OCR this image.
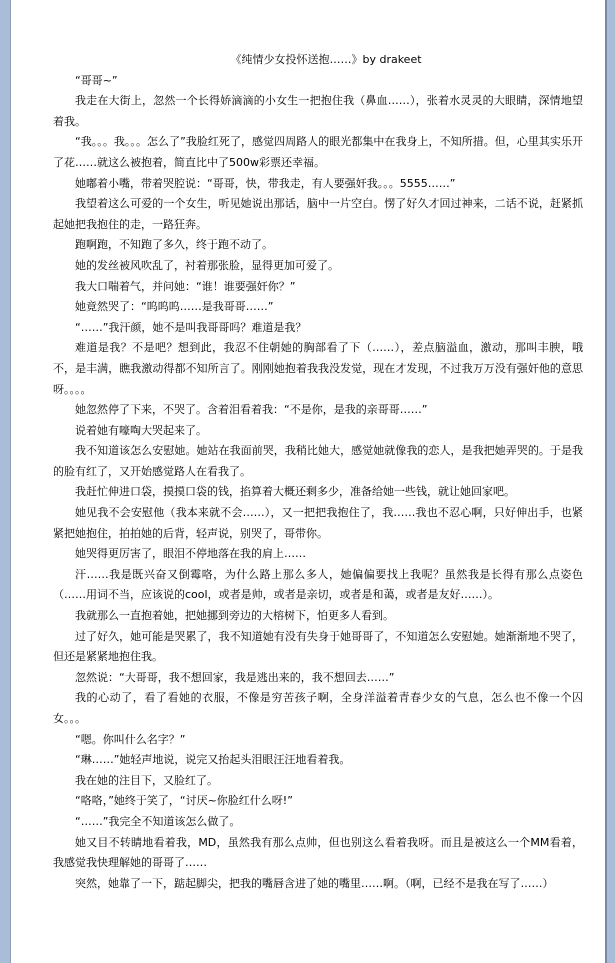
《纯情少女投怀送抱……》by drakeet

“哥哥~”

我走在大街上，忽然一个长得娇滴滴的小女生一把抱住我（鼻血……），张着水灵灵的大眼睛，深情地望着我。

“我。。。我。。。怎么了”我脸红死了，感觉四周路人的眼光都集中在我身上，不知所措。但，心里其实乐开了花……就这么被抱着，简直比中了500w彩票还幸福。

她嘟着小嘴，带着哭腔说：“哥哥，快，带我走，有人要强奸我。。。5555……”

我望着这么可爱的一个女生，听见她说出那话，脑中一片空白。愣了好久才回过神来，二话不说，赶紧抓起她把我抱住的走，一路狂奔。

跑啊跑，不知跑了多久，终于跑不动了。

她的发丝被风吹乱了，衬着那张脸，显得更加可爱了。

我大口喘着气，并问她：“谁！谁要强奸你？”

她竟然哭了：“呜呜呜……是我哥哥……”

“……”我汗颜，她不是叫我哥哥吗？难道是我？

难道是我？不是吧？想到此，我忍不住朝她的胸部看了下（……），差点脑溢血，激动，那叫丰腴，哦不，是丰满，瞧我激动得都不知所言了。刚刚她抱着我我没发觉，现在才发现，不过我万万没有强奸他的意思呀。。。。

她忽然停了下来，不哭了。含着泪看着我：“不是你，是我的亲哥哥……”

说着她有嚎啕大哭起来了。

我不知道该怎么安慰她。她站在我面前哭，我稍比她大，感觉她就像我的恋人，是我把她弄哭的。于是我的脸有红了，又开始感觉路人在看我了。

我赶忙伸进口袋，摸摸口袋的钱，掐算着大概还剩多少，准备给她一些钱，就让她回家吧。

她见我不会安慰他（我本来就不会……），又一把把我抱住了，我……我也不忍心啊，只好伸出手，也紧紧把她抱住，拍拍她的后背，轻声说，别哭了，哥带你。

她哭得更厉害了，眼泪不停地落在我的肩上……

汗……我是既兴奋又倒霉咯，为什么路上那么多人，她偏偏要找上我呢？虽然我是长得有那么点姿色（……用词不当，应该说的cool，或者是帅，或者是亲切，或者是和蔼，或者是友好……）。

我就那么一直抱着她，把她挪到旁边的大榕树下，怕更多人看到。

过了好久，她可能是哭累了，我不知道她有没有失身于她哥哥了，不知道怎么安慰她。她渐渐地不哭了，但还是紧紧地抱住我。

忽然说：“大哥哥，我不想回家，我是逃出来的，我不想回去……”

我的心动了，看了看她的衣服，不像是穷苦孩子啊，全身洋溢着青春少女的气息，怎么也不像一个囚女。。。

“嗯。你叫什么名字？”

“琳……”她轻声地说，说完又抬起头泪眼汪汪地看着我。

我在她的注目下，又脸红了。

“咯咯，”她终于笑了，“讨厌~你脸红什么呀!”

“……”我完全不知道该怎么做了。

她又目不转睛地看着我，MD，虽然我有那么点帅，但也别这么看着我呀。而且是被这么一个MM看着，我感觉我快理解她的哥哥了……

突然，她靠了一下，踮起脚尖，把我的嘴唇含进了她的嘴里……啊。（啊，已经不是我在写了……）
